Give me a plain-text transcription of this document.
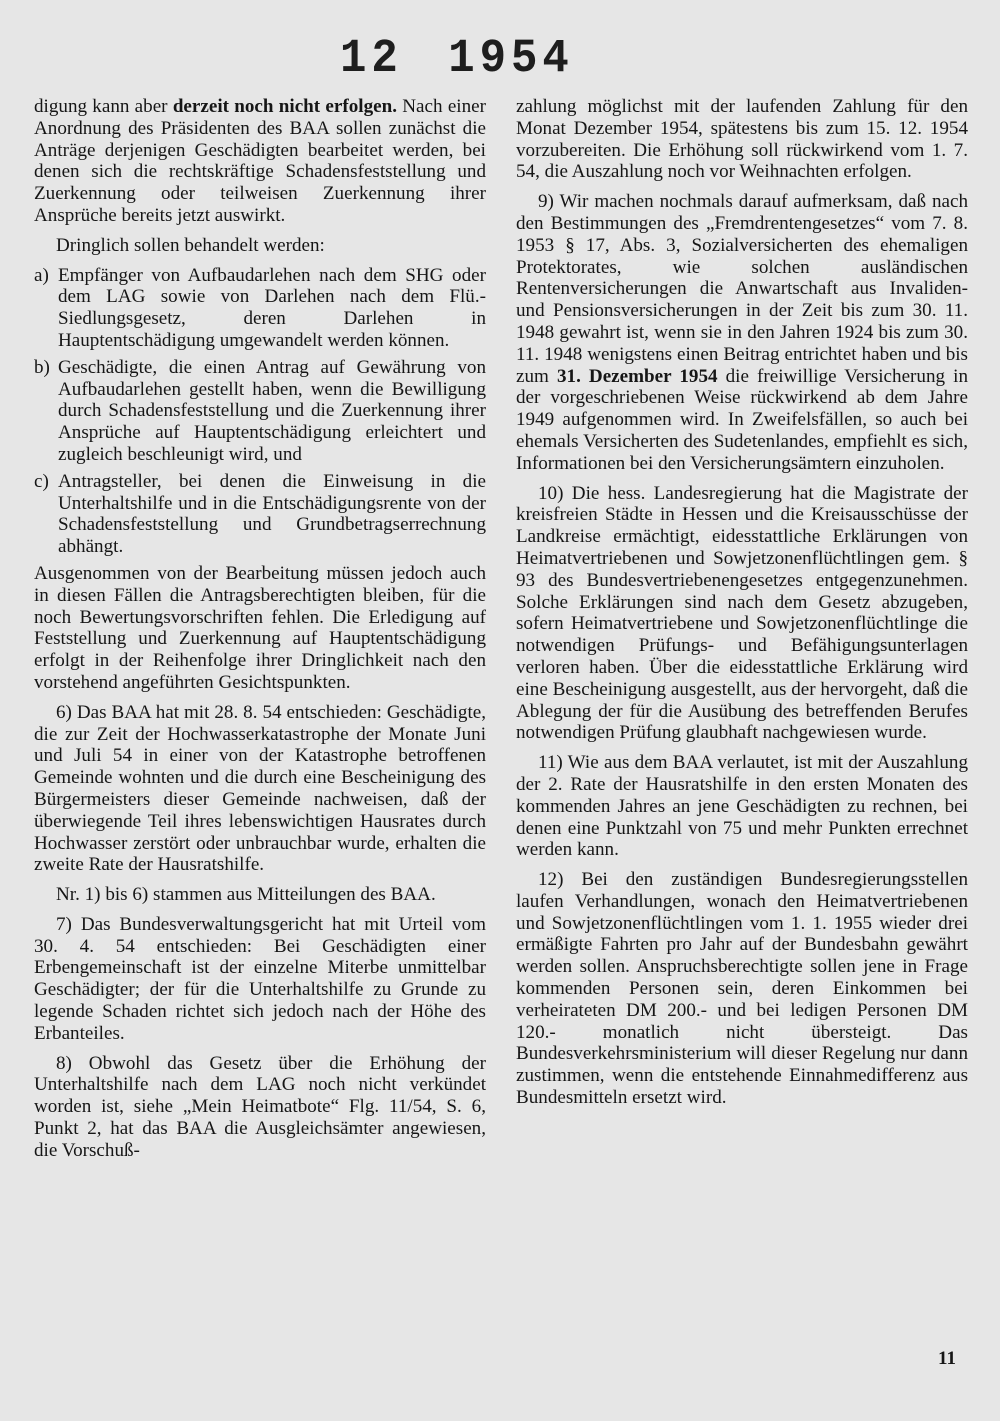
12 1954

digung kann aber derzeit noch nicht erfolgen. Nach einer Anordnung des Präsidenten des BAA sollen zunächst die Anträge derjenigen Geschädigten bearbeitet werden, bei denen sich die rechtskräftige Schadensfeststellung und Zuerkennung oder teilweisen Zuerkennung ihrer Ansprüche bereits jetzt auswirkt.

Dringlich sollen behandelt werden:

a) Empfänger von Aufbaudarlehen nach dem SHG oder dem LAG sowie von Darlehen nach dem Flü.-Siedlungsgesetz, deren Darlehen in Hauptentschädigung umgewandelt werden können.
b) Geschädigte, die einen Antrag auf Gewährung von Aufbaudarlehen gestellt haben, wenn die Bewilligung durch Schadensfeststellung und die Zuerkennung ihrer Ansprüche auf Hauptentschädigung erleichtert und zugleich beschleunigt wird, und
c) Antragsteller, bei denen die Einweisung in die Unterhaltshilfe und in die Entschädigungsrente von der Schadensfeststellung und Grundbetragserrechnung abhängt.

Ausgenommen von der Bearbeitung müssen jedoch auch in diesen Fällen die Antragsberechtigten bleiben, für die noch Bewertungsvorschriften fehlen. Die Erledigung auf Feststellung und Zuerkennung auf Hauptentschädigung erfolgt in der Reihenfolge ihrer Dringlichkeit nach den vorstehend angeführten Gesichtspunkten.

6) Das BAA hat mit 28. 8. 54 entschieden: Geschädigte, die zur Zeit der Hochwasserkatastrophe der Monate Juni und Juli 54 in einer von der Katastrophe betroffenen Gemeinde wohnten und die durch eine Bescheinigung des Bürgermeisters dieser Gemeinde nachweisen, daß der überwiegende Teil ihres lebenswichtigen Hausrates durch Hochwasser zerstört oder unbrauchbar wurde, erhalten die zweite Rate der Hausratshilfe.

Nr. 1) bis 6) stammen aus Mitteilungen des BAA.

7) Das Bundesverwaltungsgericht hat mit Urteil vom 30. 4. 54 entschieden: Bei Geschädigten einer Erbengemeinschaft ist der einzelne Miterbe unmittelbar Geschädigter; der für die Unterhaltshilfe zu Grunde zu legende Schaden richtet sich jedoch nach der Höhe des Erbanteiles.

8) Obwohl das Gesetz über die Erhöhung der Unterhaltshilfe nach dem LAG noch nicht verkündet worden ist, siehe „Mein Heimatbote“ Flg. 11/54, S. 6, Punkt 2, hat das BAA die Ausgleichsämter angewiesen, die Vorschuß-

zahlung möglichst mit der laufenden Zahlung für den Monat Dezember 1954, spätestens bis zum 15. 12. 1954 vorzubereiten. Die Erhöhung soll rückwirkend vom 1. 7. 54, die Auszahlung noch vor Weihnachten erfolgen.

9) Wir machen nochmals darauf aufmerksam, daß nach den Bestimmungen des „Fremdrentengesetzes“ vom 7. 8. 1953 § 17, Abs. 3, Sozialversicherten des ehemaligen Protektorates, wie solchen ausländischen Rentenversicherungen die Anwartschaft aus Invaliden- und Pensionsversicherungen in der Zeit bis zum 30. 11. 1948 gewahrt ist, wenn sie in den Jahren 1924 bis zum 30. 11. 1948 wenigstens einen Beitrag entrichtet haben und bis zum 31. Dezember 1954 die freiwillige Versicherung in der vorgeschriebenen Weise rückwirkend ab dem Jahre 1949 aufgenommen wird. In Zweifelsfällen, so auch bei ehemals Versicherten des Sudetenlandes, empfiehlt es sich, Informationen bei den Versicherungsämtern einzuholen.

10) Die hess. Landesregierung hat die Magistrate der kreisfreien Städte in Hessen und die Kreisausschüsse der Landkreise ermächtigt, eidesstattliche Erklärungen von Heimatvertriebenen und Sowjetzonenflüchtlingen gem. § 93 des Bundesvertriebenengesetzes entgegenzunehmen. Solche Erklärungen sind nach dem Gesetz abzugeben, sofern Heimatvertriebene und Sowjetzonenflüchtlinge die notwendigen Prüfungs- und Befähigungsunterlagen verloren haben. Über die eidesstattliche Erklärung wird eine Bescheinigung ausgestellt, aus der hervorgeht, daß die Ablegung der für die Ausübung des betreffenden Berufes notwendigen Prüfung glaubhaft nachgewiesen wurde.

11) Wie aus dem BAA verlautet, ist mit der Auszahlung der 2. Rate der Hausratshilfe in den ersten Monaten des kommenden Jahres an jene Geschädigten zu rechnen, bei denen eine Punktzahl von 75 und mehr Punkten errechnet werden kann.

12) Bei den zuständigen Bundesregierungsstellen laufen Verhandlungen, wonach den Heimatvertriebenen und Sowjetzonenflüchtlingen vom 1. 1. 1955 wieder drei ermäßigte Fahrten pro Jahr auf der Bundesbahn gewährt werden sollen. Anspruchsberechtigte sollen jene in Frage kommenden Personen sein, deren Einkommen bei verheirateten DM 200.- und bei ledigen Personen DM 120.- monatlich nicht übersteigt. Das Bundesverkehrsministerium will dieser Regelung nur dann zustimmen, wenn die entstehende Einnahmedifferenz aus Bundesmitteln ersetzt wird.

11
